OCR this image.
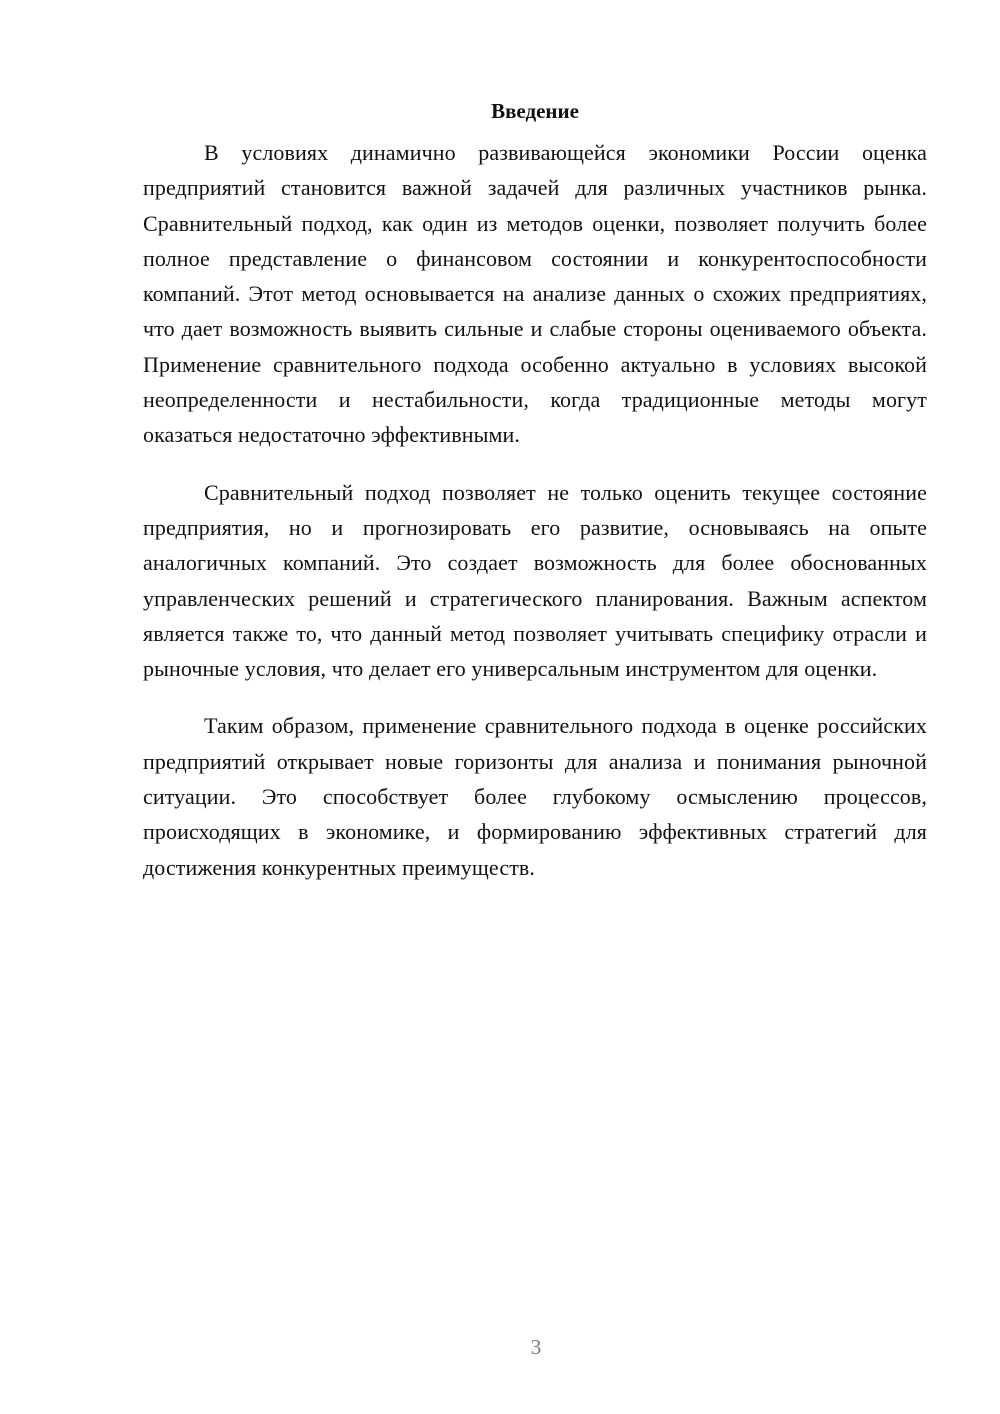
Введение

В условиях динамично развивающейся экономики России оценка предприятий становится важной задачей для различных участников рынка. Сравнительный подход, как один из методов оценки, позволяет получить более полное представление о финансовом состоянии и конкурентоспособности компаний. Этот метод основывается на анализе данных о схожих предприятиях, что дает возможность выявить сильные и слабые стороны оцениваемого объекта. Применение сравнительного подхода особенно актуально в условиях высокой неопределенности и нестабильности, когда традиционные методы могут оказаться недостаточно эффективными.

Сравнительный подход позволяет не только оценить текущее состояние предприятия, но и прогнозировать его развитие, основываясь на опыте аналогичных компаний. Это создает возможность для более обоснованных управленческих решений и стратегического планирования. Важным аспектом является также то, что данный метод позволяет учитывать специфику отрасли и рыночные условия, что делает его универсальным инструментом для оценки.

Таким образом, применение сравнительного подхода в оценке российских предприятий открывает новые горизонты для анализа и понимания рыночной ситуации. Это способствует более глубокому осмыслению процессов, происходящих в экономике, и формированию эффективных стратегий для достижения конкурентных преимуществ.

3
